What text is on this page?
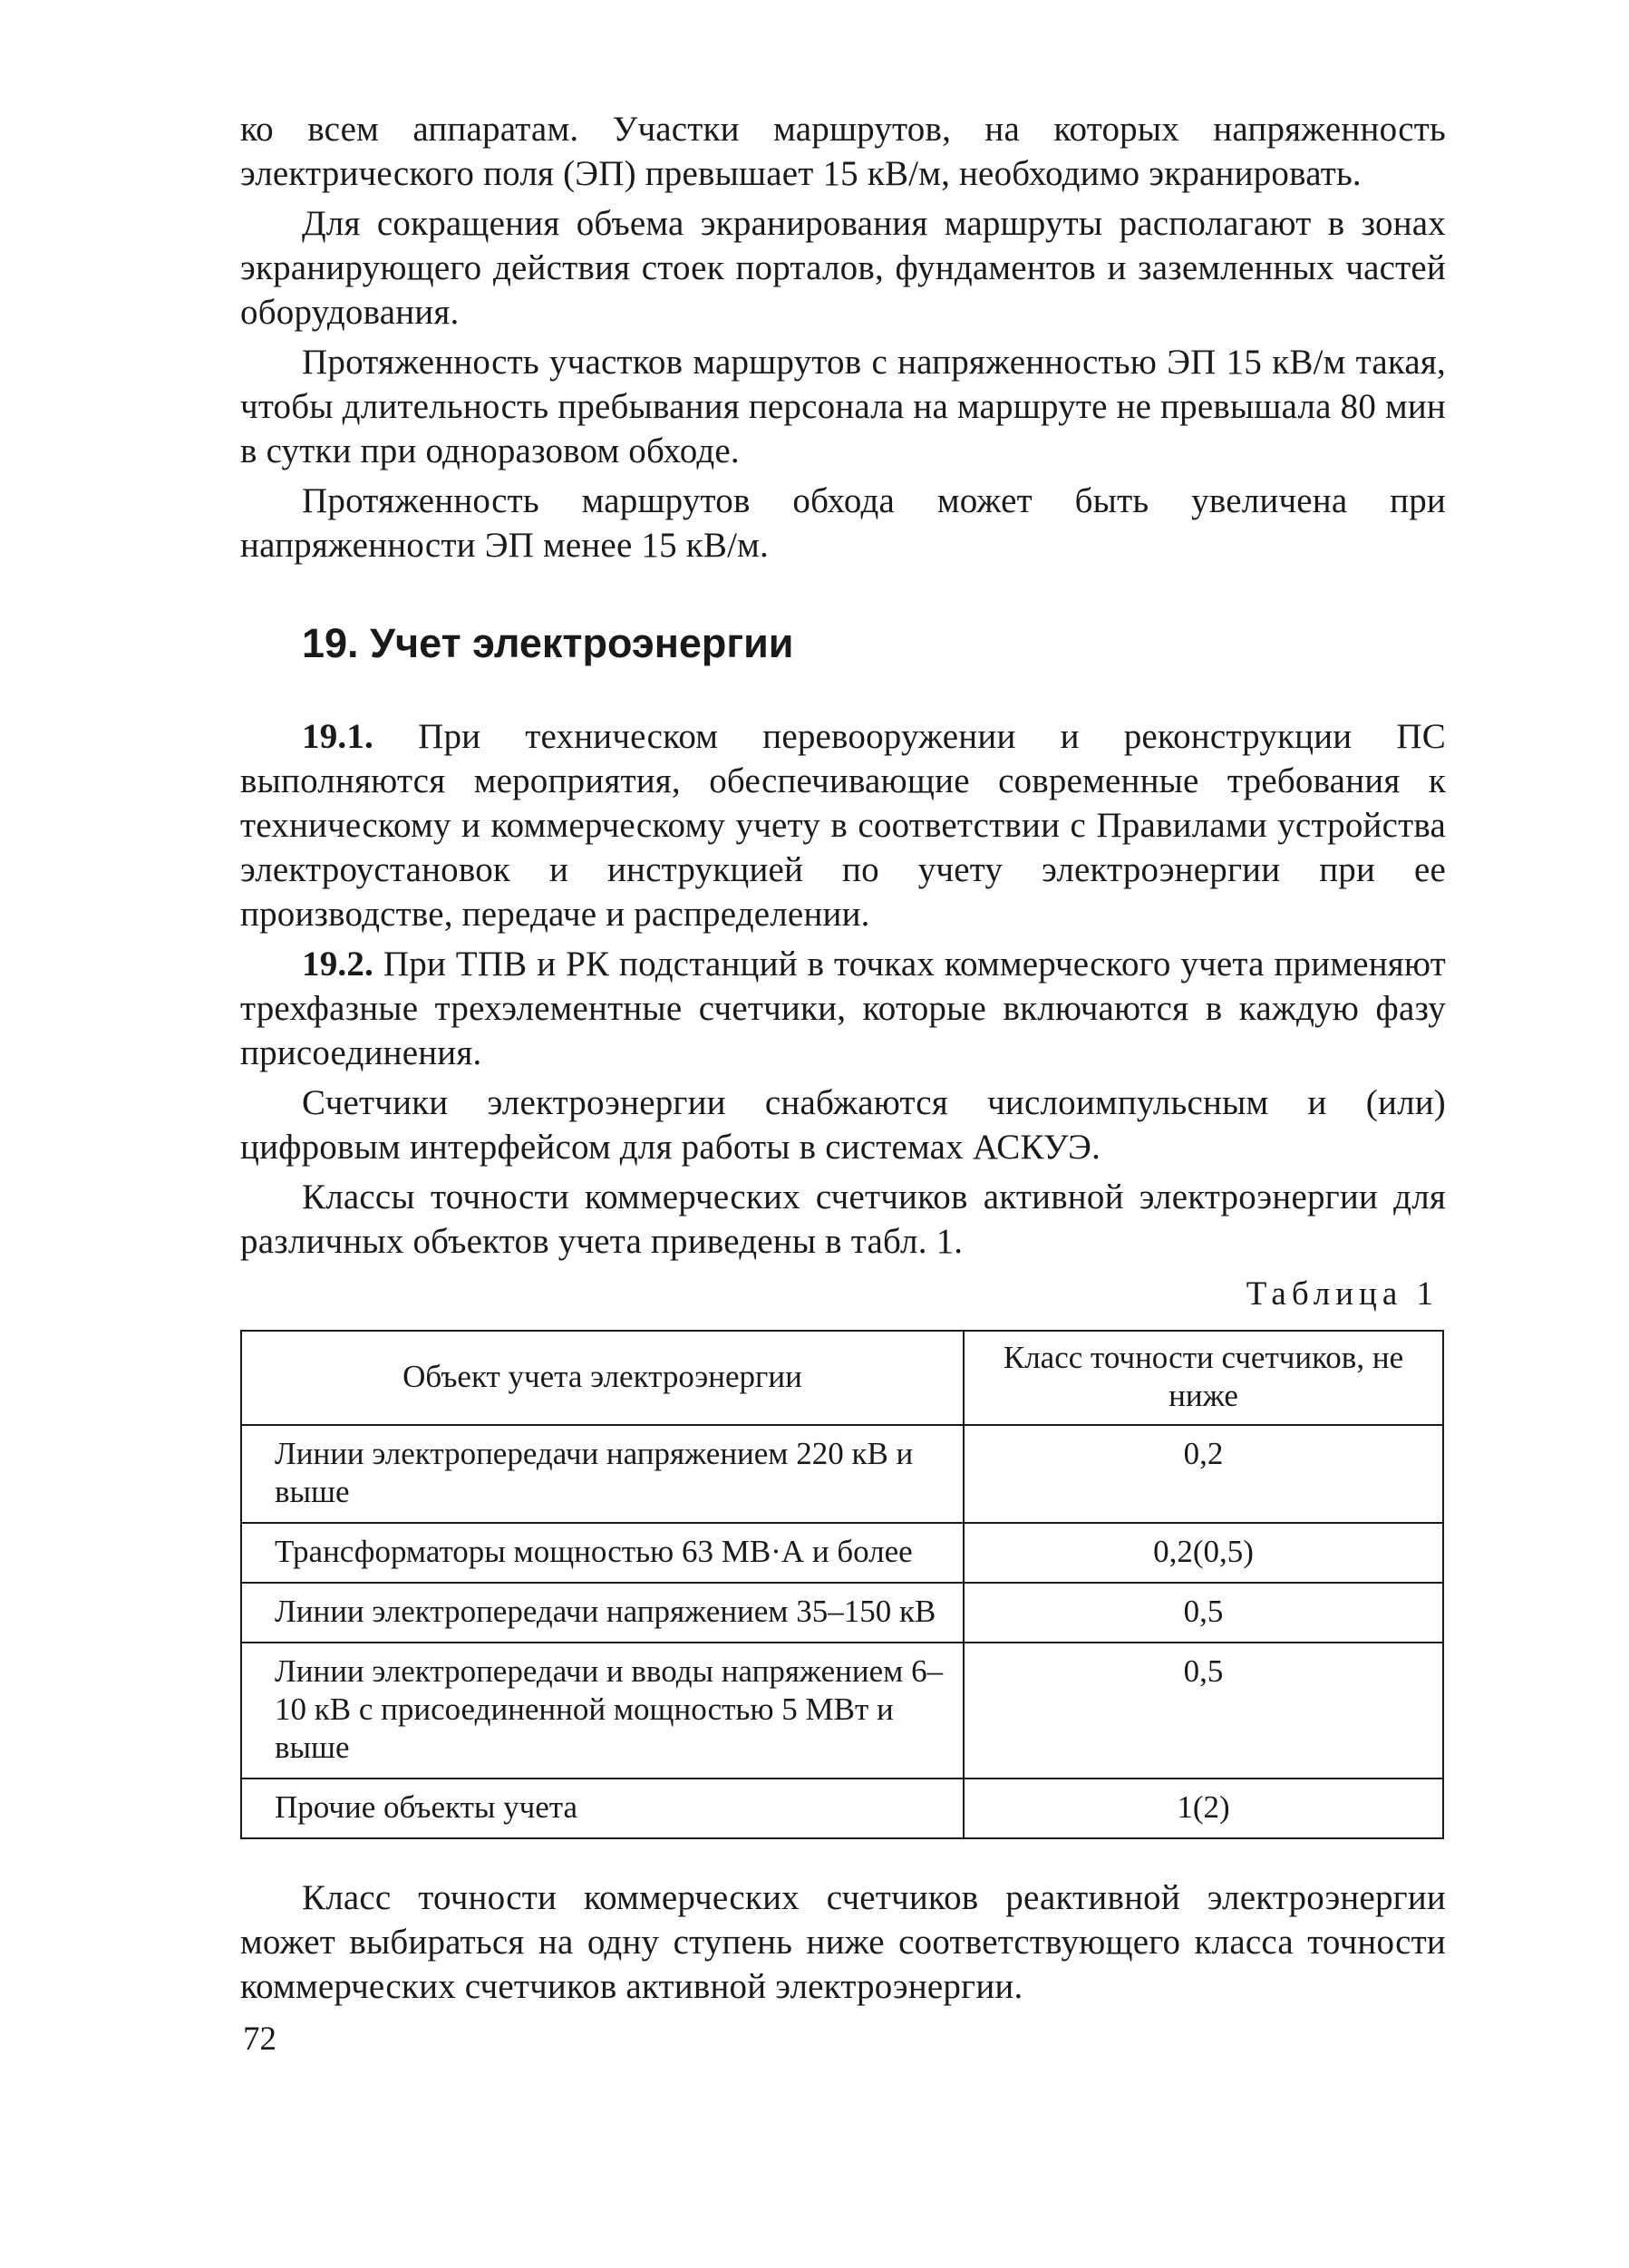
ко всем аппаратам. Участки маршрутов, на которых напряженность электрического поля (ЭП) превышает 15 кВ/м, необходимо экранировать.

Для сокращения объема экранирования маршруты располагают в зонах экранирующего действия стоек порталов, фундаментов и заземленных частей оборудования.

Протяженность участков маршрутов с напряженностью ЭП 15 кВ/м такая, чтобы длительность пребывания персонала на маршруте не превышала 80 мин в сутки при одноразовом обходе.

Протяженность маршрутов обхода может быть увеличена при напряженности ЭП менее 15 кВ/м.

19. Учет электроэнергии

19.1. При техническом перевооружении и реконструкции ПС выполняются мероприятия, обеспечивающие современные требования к техническому и коммерческому учету в соответствии с Правилами устройства электроустановок и инструкцией по учету электроэнергии при ее производстве, передаче и распределении.

19.2. При ТПВ и РК подстанций в точках коммерческого учета применяют трехфазные трехэлементные счетчики, которые включаются в каждую фазу присоединения.

Счетчики электроэнергии снабжаются числоимпульсным и (или) цифровым интерфейсом для работы в системах АСКУЭ.

Классы точности коммерческих счетчиков активной электроэнергии для различных объектов учета приведены в табл. 1.

Таблица 1
Объект учета электроэнергии	Класс точности счетчиков, не ниже
Линии электропередачи напряжением 220 кВ и выше	0,2
Трансформаторы мощностью 63 МВ·А и более	0,2(0,5)
Линии электропередачи напряжением 35–150 кВ	0,5
Линии электропередачи и вводы напряжением 6–10 кВ с присоединенной мощностью 5 МВт и выше	0,5
Прочие объекты учета	1(2)

Класс точности коммерческих счетчиков реактивной электроэнергии может выбираться на одну ступень ниже соответствующего класса точности коммерческих счетчиков активной электроэнергии.

72
